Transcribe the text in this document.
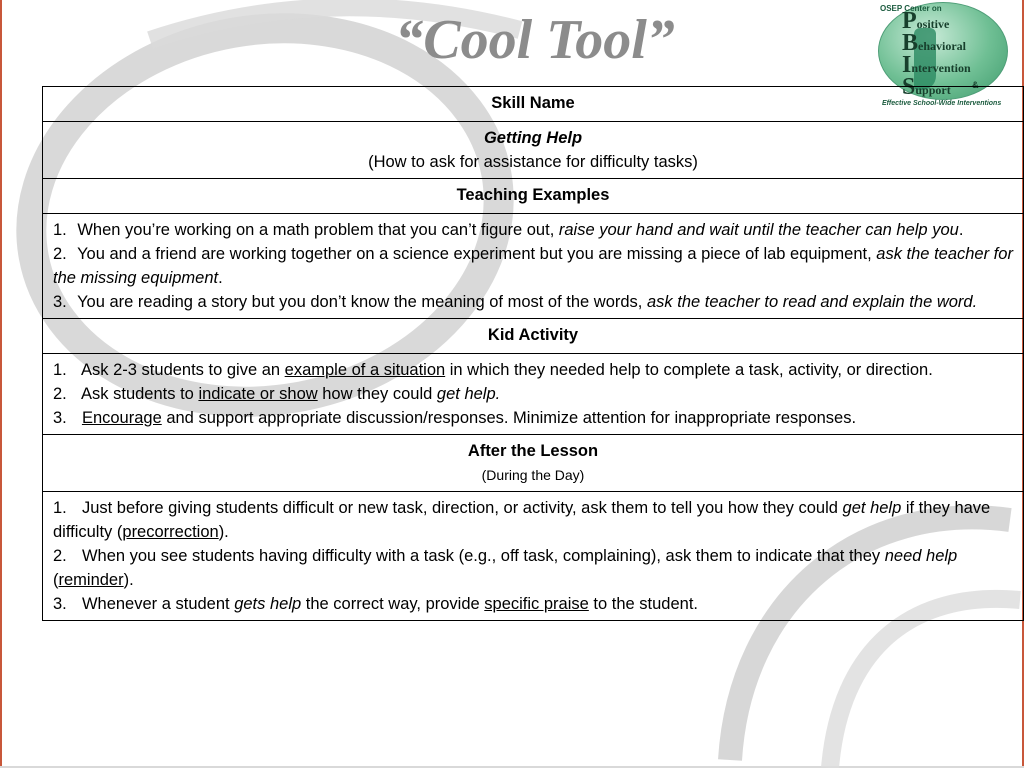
“Cool Tool”
OSEP Center on
Positive
Behavioral
Intervention
Support &
Effective School-Wide Interventions
Skill Name
Getting Help
(How to ask for assistance for difficulty tasks)
Teaching Examples

1. When you’re working on a math problem that you can’t figure out, raise your hand and wait until the teacher can help you.
2. You and a friend are working together on a science experiment but you are missing a piece of lab equipment, ask the teacher for the missing equipment.
3. You are reading a story but you don’t know the meaning of most of the words, ask the teacher to read and explain the word.

Kid Activity

1. Ask 2-3 students to give an example of a situation in which they needed help to complete a task, activity, or direction.
2. Ask students to indicate or show how they could get help.
3. Encourage and support appropriate discussion/responses. Minimize attention for inappropriate responses.

After the Lesson
(During the Day)

1. Just before giving students difficult or new task, direction, or activity, ask them to tell you how they could get help if they have difficulty (precorrection).
2. When you see students having difficulty with a task (e.g., off task, complaining), ask them to indicate that they need help (reminder).
3. Whenever a student gets help the correct way, provide specific praise to the student.
